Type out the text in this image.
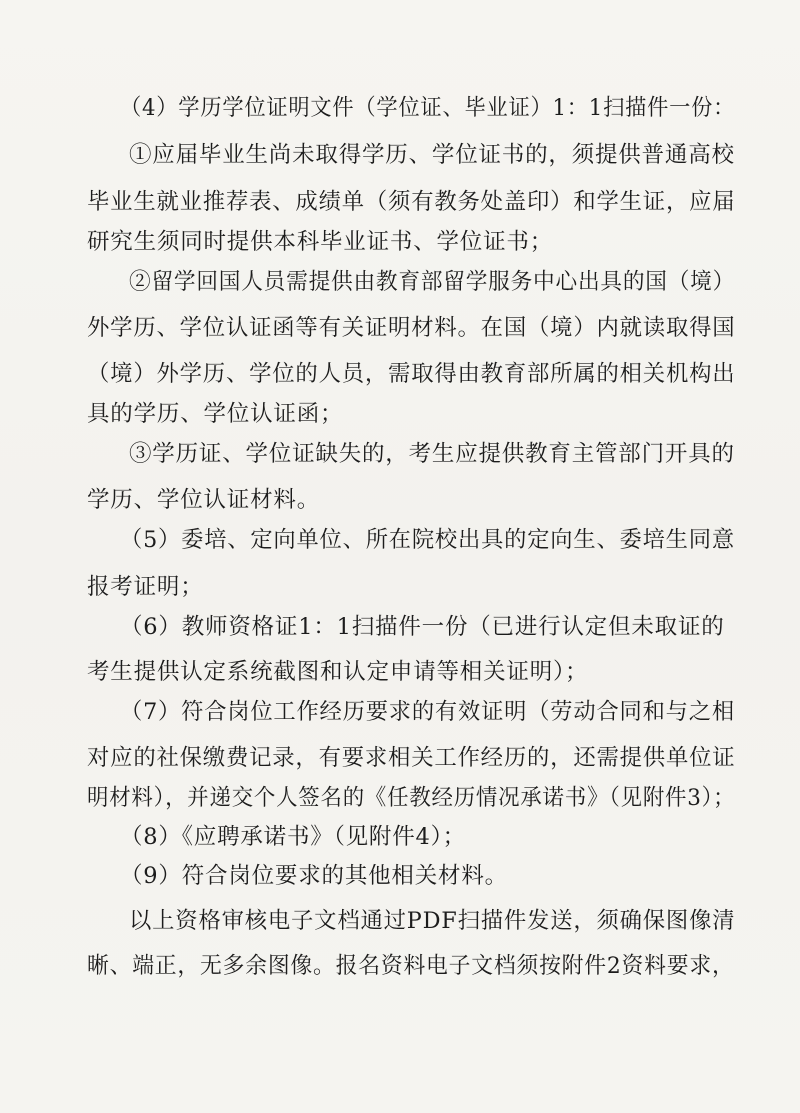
（4）学历学位证明文件（学位证、毕业证）1：1扫描件一份：
①应届毕业生尚未取得学历、学位证书的，须提供普通高校
毕业生就业推荐表、成绩单（须有教务处盖印）和学生证，应届
研究生须同时提供本科毕业证书、学位证书；
②留学回国人员需提供由教育部留学服务中心出具的国（境）
外学历、学位认证函等有关证明材料。在国（境）内就读取得国
（境）外学历、学位的人员，需取得由教育部所属的相关机构出
具的学历、学位认证函；
③学历证、学位证缺失的，考生应提供教育主管部门开具的
学历、学位认证材料。
（5）委培、定向单位、所在院校出具的定向生、委培生同意
报考证明；
（6）教师资格证1：1扫描件一份（已进行认定但未取证的
考生提供认定系统截图和认定申请等相关证明）；
（7）符合岗位工作经历要求的有效证明（劳动合同和与之相
对应的社保缴费记录，有要求相关工作经历的，还需提供单位证
明材料），并递交个人签名的《任教经历情况承诺书》（见附件3）；
（8）《应聘承诺书》（见附件4）；
（9）符合岗位要求的其他相关材料。
以上资格审核电子文档通过PDF扫描件发送，须确保图像清
晰、端正，无多余图像。报名资料电子文档须按附件2资料要求，
